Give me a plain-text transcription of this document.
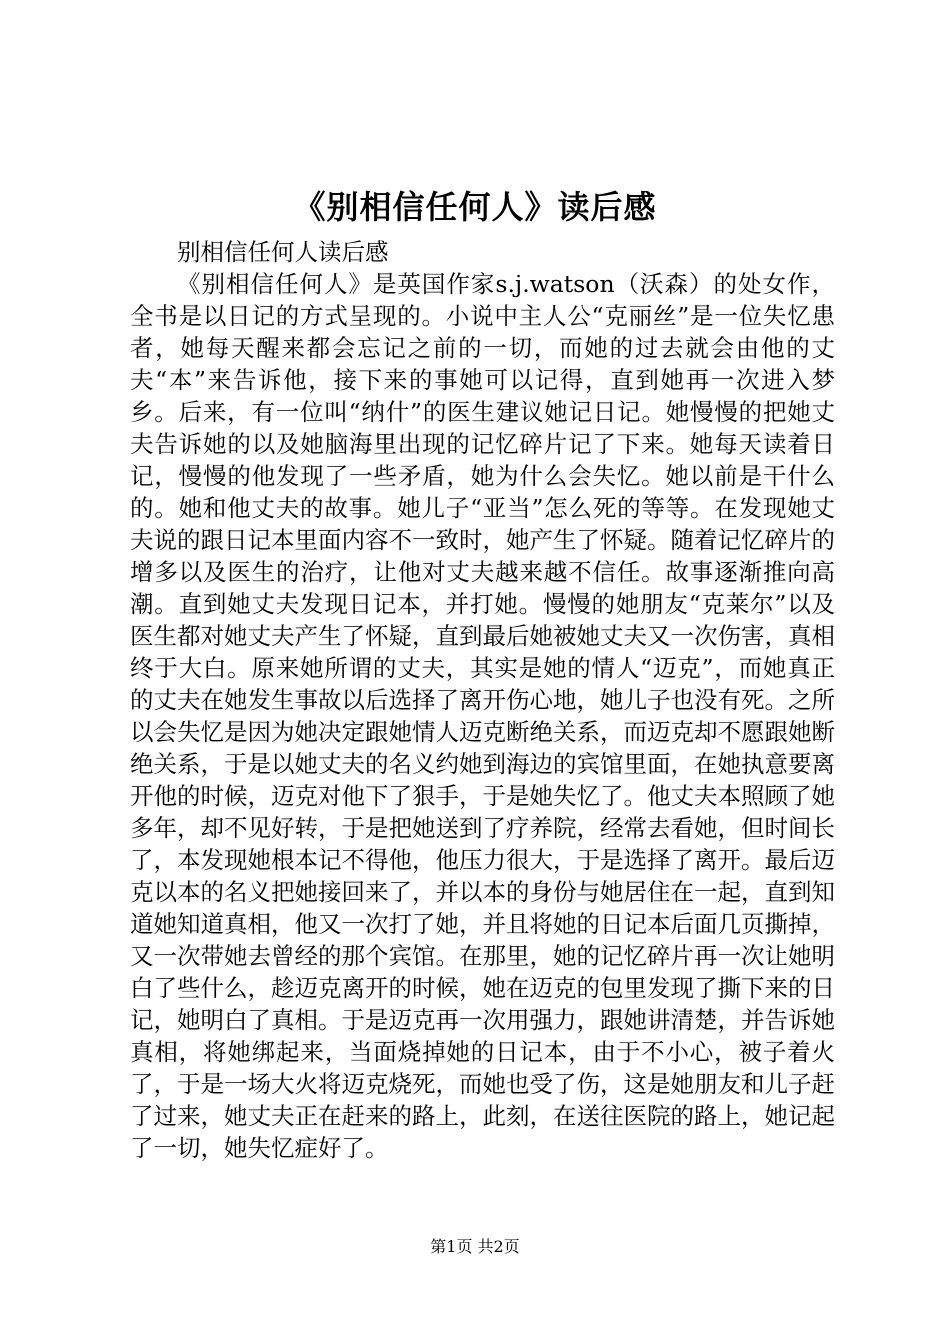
《别相信任何人》读后感

别相信任何人读后感

《别相信任何人》是英国作家s.j.watson（沃森）的处女作，全书是以日记的方式呈现的。小说中主人公“克丽丝”是一位失忆患者，她每天醒来都会忘记之前的一切，而她的过去就会由他的丈夫“本”来告诉他，接下来的事她可以记得，直到她再一次进入梦乡。后来，有一位叫“纳什”的医生建议她记日记。她慢慢的把她丈夫告诉她的以及她脑海里出现的记忆碎片记了下来。她每天读着日记，慢慢的他发现了一些矛盾，她为什么会失忆。她以前是干什么的。她和他丈夫的故事。她儿子“亚当”怎么死的等等。在发现她丈夫说的跟日记本里面内容不一致时，她产生了怀疑。随着记忆碎片的增多以及医生的治疗，让他对丈夫越来越不信任。故事逐渐推向高潮。直到她丈夫发现日记本，并打她。慢慢的她朋友“克莱尔”以及医生都对她丈夫产生了怀疑，直到最后她被她丈夫又一次伤害，真相终于大白。原来她所谓的丈夫，其实是她的情人“迈克”，而她真正的丈夫在她发生事故以后选择了离开伤心地，她儿子也没有死。之所以会失忆是因为她决定跟她情人迈克断绝关系，而迈克却不愿跟她断绝关系，于是以她丈夫的名义约她到海边的宾馆里面，在她执意要离开他的时候，迈克对他下了狠手，于是她失忆了。他丈夫本照顾了她多年，却不见好转，于是把她送到了疗养院，经常去看她，但时间长了，本发现她根本记不得他，他压力很大，于是选择了离开。最后迈克以本的名义把她接回来了，并以本的身份与她居住在一起，直到知道她知道真相，他又一次打了她，并且将她的日记本后面几页撕掉，又一次带她去曾经的那个宾馆。在那里，她的记忆碎片再一次让她明白了些什么，趁迈克离开的时候，她在迈克的包里发现了撕下来的日记，她明白了真相。于是迈克再一次用强力，跟她讲清楚，并告诉她真相，将她绑起来，当面烧掉她的日记本，由于不小心，被子着火了，于是一场大火将迈克烧死，而她也受了伤，这是她朋友和儿子赶了过来，她丈夫正在赶来的路上，此刻，在送往医院的路上，她记起了一切，她失忆症好了。

第1页 共2页
